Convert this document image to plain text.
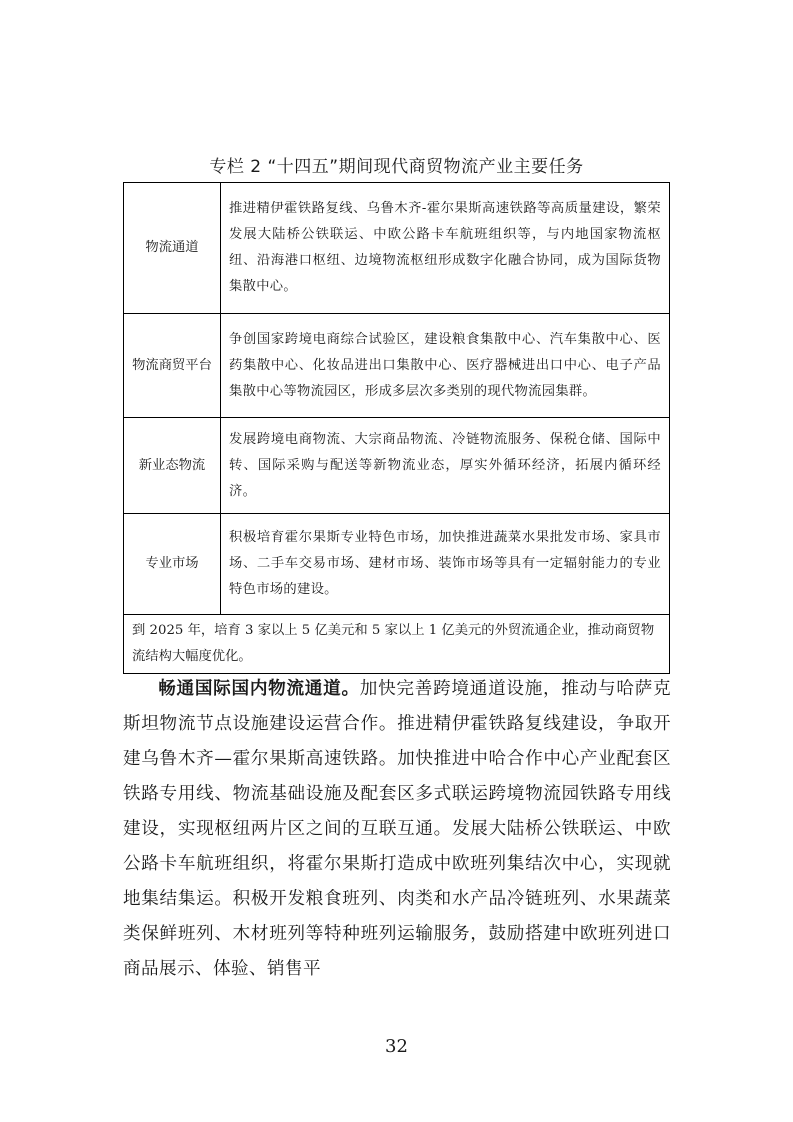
专栏 2 “十四五”期间现代商贸物流产业主要任务
物流通道	推进精伊霍铁路复线、乌鲁木齐-霍尔果斯高速铁路等高质量建设，繁荣发展大陆桥公铁联运、中欧公路卡车航班组织等，与内地国家物流枢纽、沿海港口枢纽、边境物流枢纽形成数字化融合协同，成为国际货物集散中心。
物流商贸平台	争创国家跨境电商综合试验区，建设粮食集散中心、汽车集散中心、医药集散中心、化妆品进出口集散中心、医疗器械进出口中心、电子产品集散中心等物流园区，形成多层次多类别的现代物流园集群。
新业态物流	发展跨境电商物流、大宗商品物流、冷链物流服务、保税仓储、国际中转、国际采购与配送等新物流业态，厚实外循环经济，拓展内循环经济。
专业市场	积极培育霍尔果斯专业特色市场，加快推进蔬菜水果批发市场、家具市场、二手车交易市场、建材市场、装饰市场等具有一定辐射能力的专业特色市场的建设。
到 2025 年，培育 3 家以上 5 亿美元和 5 家以上 1 亿美元的外贸流通企业，推动商贸物流结构大幅度优化。	

畅通国际国内物流通道。加快完善跨境通道设施，推动与哈萨克斯坦物流节点设施建设运营合作。推进精伊霍铁路复线建设，争取开建乌鲁木齐—霍尔果斯高速铁路。加快推进中哈合作中心产业配套区铁路专用线、物流基础设施及配套区多式联运跨境物流园铁路专用线建设，实现枢纽两片区之间的互联互通。发展大陆桥公铁联运、中欧公路卡车航班组织，将霍尔果斯打造成中欧班列集结次中心，实现就地集结集运。积极开发粮食班列、肉类和水产品冷链班列、水果蔬菜类保鲜班列、木材班列等特种班列运输服务，鼓励搭建中欧班列进口商品展示、体验、销售平

32
